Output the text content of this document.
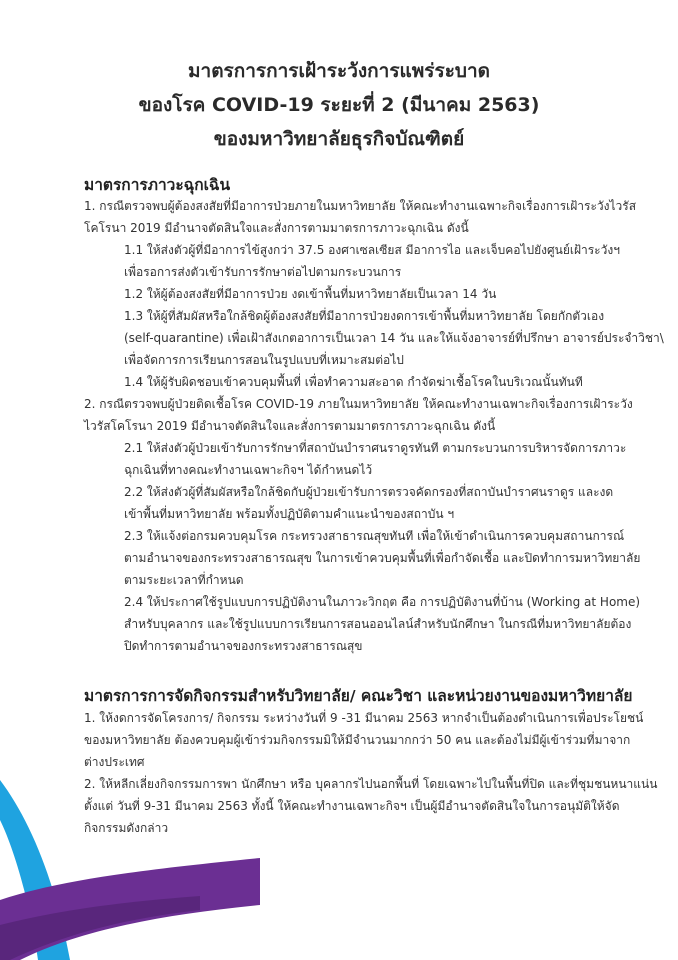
มาตรการการเฝ้าระวังการแพร่ระบาด
ของโรค COVID-19 ระยะที่ 2 (มีนาคม 2563)
ของมหาวิทยาลัยธุรกิจบัณฑิตย์
มาตรการภาวะฉุกเฉิน
1. กรณีตรวจพบผู้ต้องสงสัยที่มีอาการป่วยภายในมหาวิทยาลัย ให้คณะทำงานเฉพาะกิจเรื่องการเฝ้าระวังไวรัส
โคโรนา 2019 มีอำนาจตัดสินใจและสั่งการตามมาตรการภาวะฉุกเฉิน ดังนี้
1.1 ให้ส่งตัวผู้ที่มีอาการไข้สูงกว่า 37.5 องศาเซลเซียส มีอาการไอ และเจ็บคอไปยังศูนย์เฝ้าระวังฯ
เพื่อรอการส่งตัวเข้ารับการรักษาต่อไปตามกระบวนการ
1.2 ให้ผู้ต้องสงสัยที่มีอาการป่วย งดเข้าพื้นที่มหาวิทยาลัยเป็นเวลา 14 วัน
1.3 ให้ผู้ที่สัมผัสหรือใกล้ชิดผู้ต้องสงสัยที่มีอาการป่วยงดการเข้าพื้นที่มหาวิทยาลัย โดยกักตัวเอง
(self-quarantine) เพื่อเฝ้าสังเกตอาการเป็นเวลา 14 วัน และให้แจ้งอาจารย์ที่ปรึกษา อาจารย์ประจำวิชา\
เพื่อจัดการการเรียนการสอนในรูปแบบที่เหมาะสมต่อไป
1.4 ให้ผู้รับผิดชอบเข้าควบคุมพื้นที่ เพื่อทำความสะอาด กำจัดฆ่าเชื้อโรคในบริเวณนั้นทันที
2. กรณีตรวจพบผู้ป่วยติดเชื้อโรค COVID-19 ภายในมหาวิทยาลัย ให้คณะทำงานเฉพาะกิจเรื่องการเฝ้าระวัง
ไวรัสโคโรนา 2019 มีอำนาจตัดสินใจและสั่งการตามมาตรการภาวะฉุกเฉิน ดังนี้
2.1 ให้ส่งตัวผู้ป่วยเข้ารับการรักษาที่สถาบันบำราศนราดูรทันที ตามกระบวนการบริหารจัดการภาวะ
ฉุกเฉินที่ทางคณะทำงานเฉพาะกิจฯ ได้กำหนดไว้
2.2 ให้ส่งตัวผู้ที่สัมผัสหรือใกล้ชิดกับผู้ป่วยเข้ารับการตรวจคัดกรองที่สถาบันบำราศนราดูร และงด
เข้าพื้นที่มหาวิทยาลัย พร้อมทั้งปฏิบัติตามคำแนะนำของสถาบัน ฯ
2.3 ให้แจ้งต่อกรมควบคุมโรค กระทรวงสาธารณสุขทันที เพื่อให้เข้าดำเนินการควบคุมสถานการณ์
ตามอำนาจของกระทรวงสาธารณสุข ในการเข้าควบคุมพื้นที่เพื่อกำจัดเชื้อ และปิดทำการมหาวิทยาลัย
ตามระยะเวลาที่กำหนด
2.4 ให้ประกาศใช้รูปแบบการปฏิบัติงานในภาวะวิกฤต คือ การปฏิบัติงานที่บ้าน (Working at Home)
สำหรับบุคลากร และใช้รูปแบบการเรียนการสอนออนไลน์สำหรับนักศึกษา ในกรณีที่มหาวิทยาลัยต้อง
ปิดทำการตามอำนาจของกระทรวงสาธารณสุข
มาตรการการจัดกิจกรรมสำหรับวิทยาลัย/ คณะวิชา และหน่วยงานของมหาวิทยาลัย
1. ให้งดการจัดโครงการ/ กิจกรรม ระหว่างวันที่ 9 -31 มีนาคม 2563 หากจำเป็นต้องดำเนินการเพื่อประโยชน์
ของมหาวิทยาลัย ต้องควบคุมผู้เข้าร่วมกิจกรรมมิให้มีจำนวนมากกว่า 50 คน และต้องไม่มีผู้เข้าร่วมที่มาจาก
ต่างประเทศ
2. ให้หลีกเลี่ยงกิจกรรมการพา นักศึกษา หรือ บุคลากรไปนอกพื้นที่ โดยเฉพาะไปในพื้นที่ปิด และที่ชุมชนหนาแน่น
ตั้งแต่ วันที่ 9-31 มีนาคม 2563 ทั้งนี้ ให้คณะทำงานเฉพาะกิจฯ เป็นผู้มีอำนาจตัดสินใจในการอนุมัติให้จัด
กิจกรรมดังกล่าว
